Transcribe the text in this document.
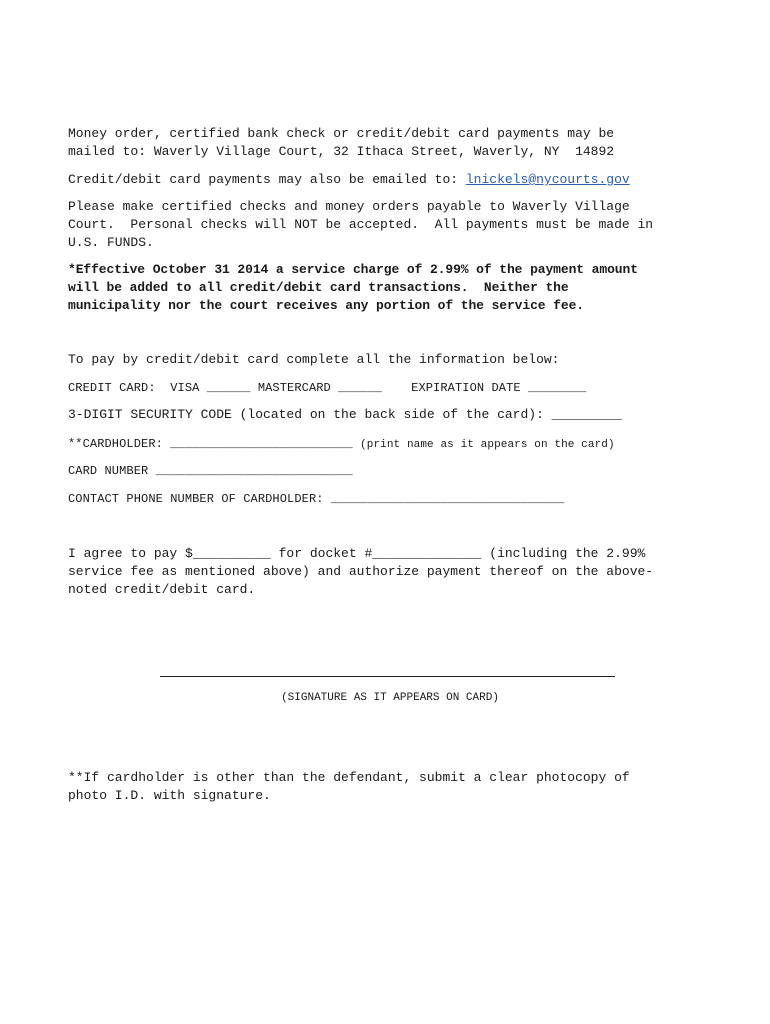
Money order, certified bank check or credit/debit card payments may be

mailed to: Waverly Village Court, 32 Ithaca Street, Waverly, NY  14892

Credit/debit card payments may also be emailed to: lnickels@nycourts.gov

Please make certified checks and money orders payable to Waverly Village

Court.  Personal checks will NOT be accepted.  All payments must be made in

U.S. FUNDS.

*Effective October 31 2014 a service charge of 2.99% of the payment amount

will be added to all credit/debit card transactions.  Neither the

municipality nor the court receives any portion of the service fee.

To pay by credit/debit card complete all the information below:

CREDIT CARD:  VISA ______ MASTERCARD ______    EXPIRATION DATE ________

3-DIGIT SECURITY CODE (located on the back side of the card): _________

**CARDHOLDER: _________________________ (print name as it appears on the card)

CARD NUMBER ___________________________

CONTACT PHONE NUMBER OF CARDHOLDER: ________________________________

I agree to pay $__________ for docket #______________ (including the 2.99%

service fee as mentioned above) and authorize payment thereof on the above-

noted credit/debit card.

(SIGNATURE AS IT APPEARS ON CARD)

**If cardholder is other than the defendant, submit a clear photocopy of

photo I.D. with signature.
